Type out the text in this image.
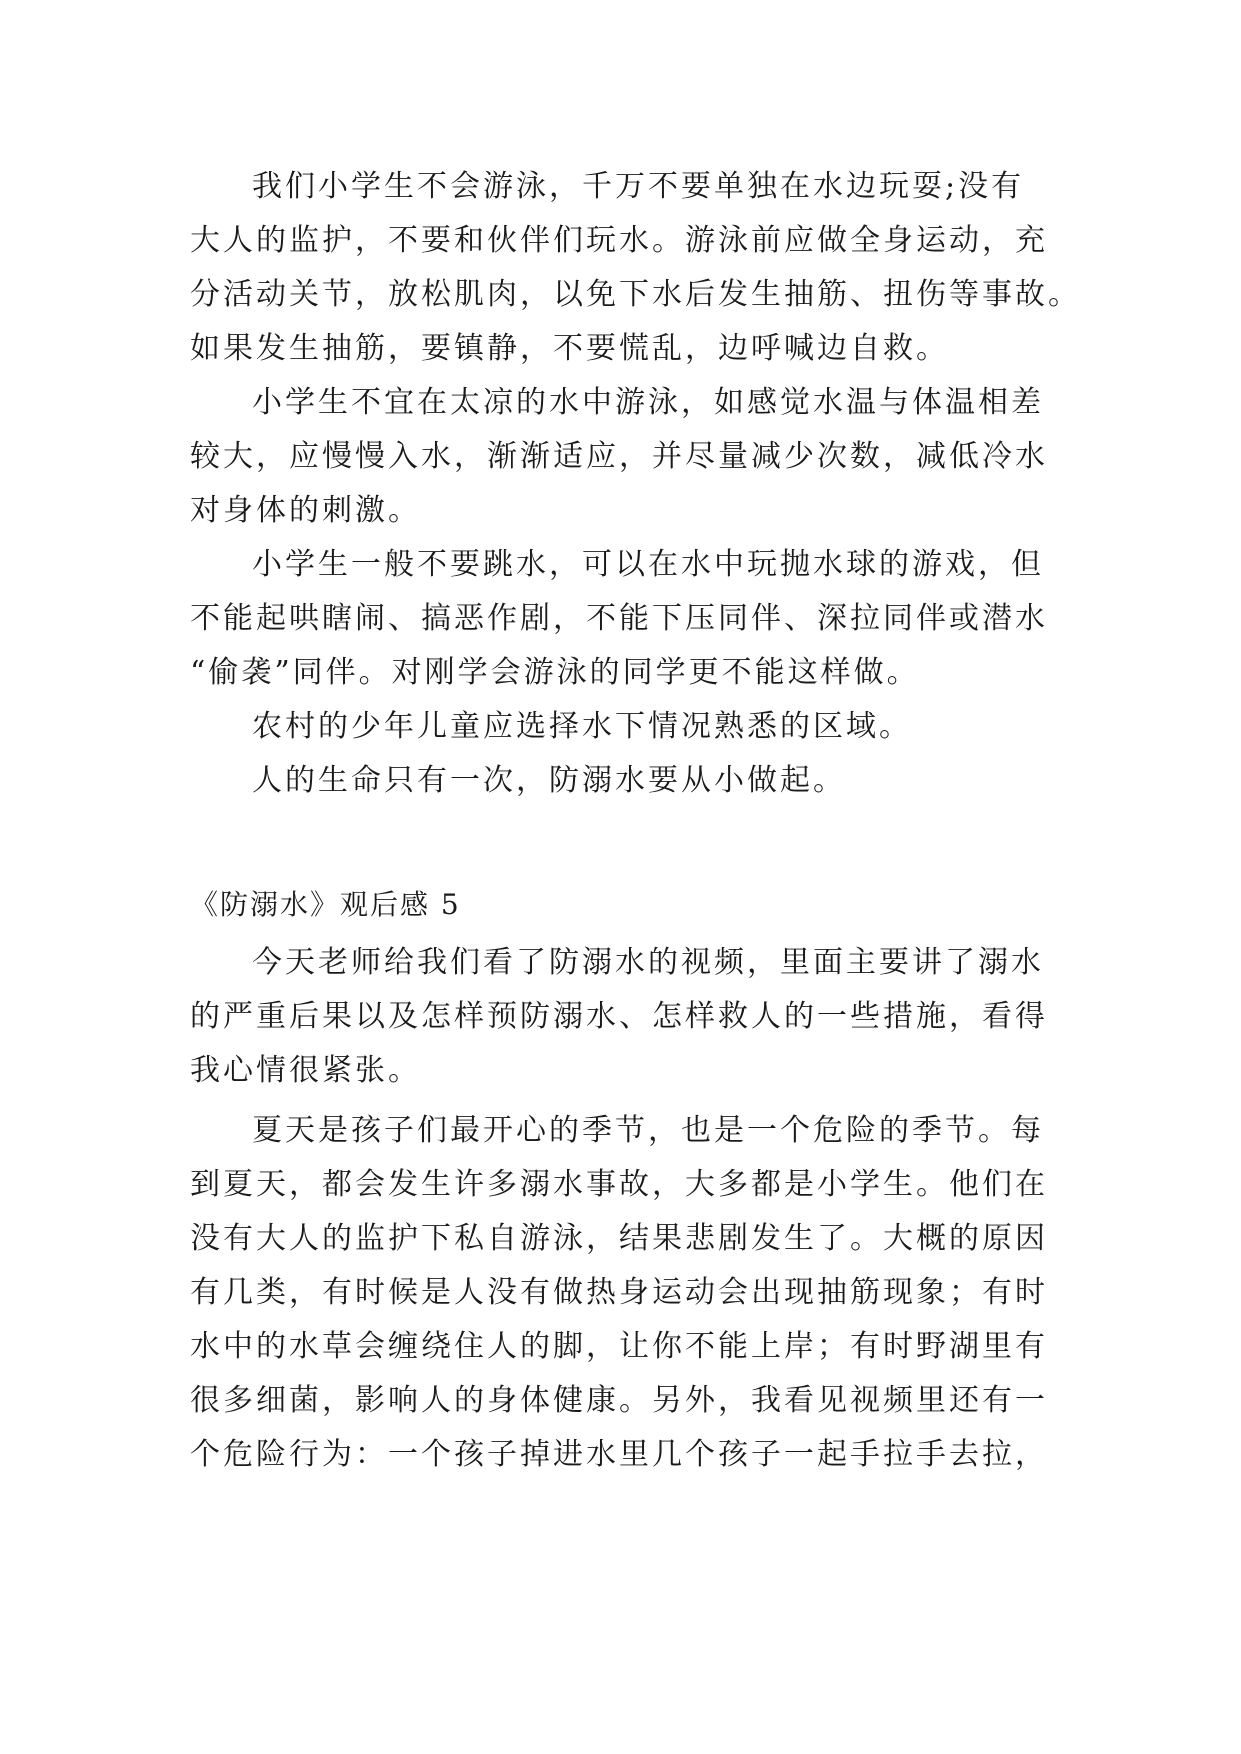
我们小学生不会游泳，千万不要单独在水边玩耍;没有
大人的监护，不要和伙伴们玩水。游泳前应做全身运动，充
分活动关节，放松肌肉，以免下水后发生抽筋、扭伤等事故。
如果发生抽筋，要镇静，不要慌乱，边呼喊边自救。
小学生不宜在太凉的水中游泳，如感觉水温与体温相差
较大，应慢慢入水，渐渐适应，并尽量减少次数，减低冷水
对身体的刺激。
小学生一般不要跳水，可以在水中玩抛水球的游戏，但
不能起哄瞎闹、搞恶作剧，不能下压同伴、深拉同伴或潜水
“偷袭”同伴。对刚学会游泳的同学更不能这样做。
农村的少年儿童应选择水下情况熟悉的区域。
人的生命只有一次，防溺水要从小做起。
《防溺水》观后感 5
今天老师给我们看了防溺水的视频，里面主要讲了溺水
的严重后果以及怎样预防溺水、怎样救人的一些措施，看得
我心情很紧张。
夏天是孩子们最开心的季节，也是一个危险的季节。每
到夏天，都会发生许多溺水事故，大多都是小学生。他们在
没有大人的监护下私自游泳，结果悲剧发生了。大概的原因
有几类，有时候是人没有做热身运动会出现抽筋现象；有时
水中的水草会缠绕住人的脚，让你不能上岸；有时野湖里有
很多细菌，影响人的身体健康。另外，我看见视频里还有一
个危险行为：一个孩子掉进水里几个孩子一起手拉手去拉，
